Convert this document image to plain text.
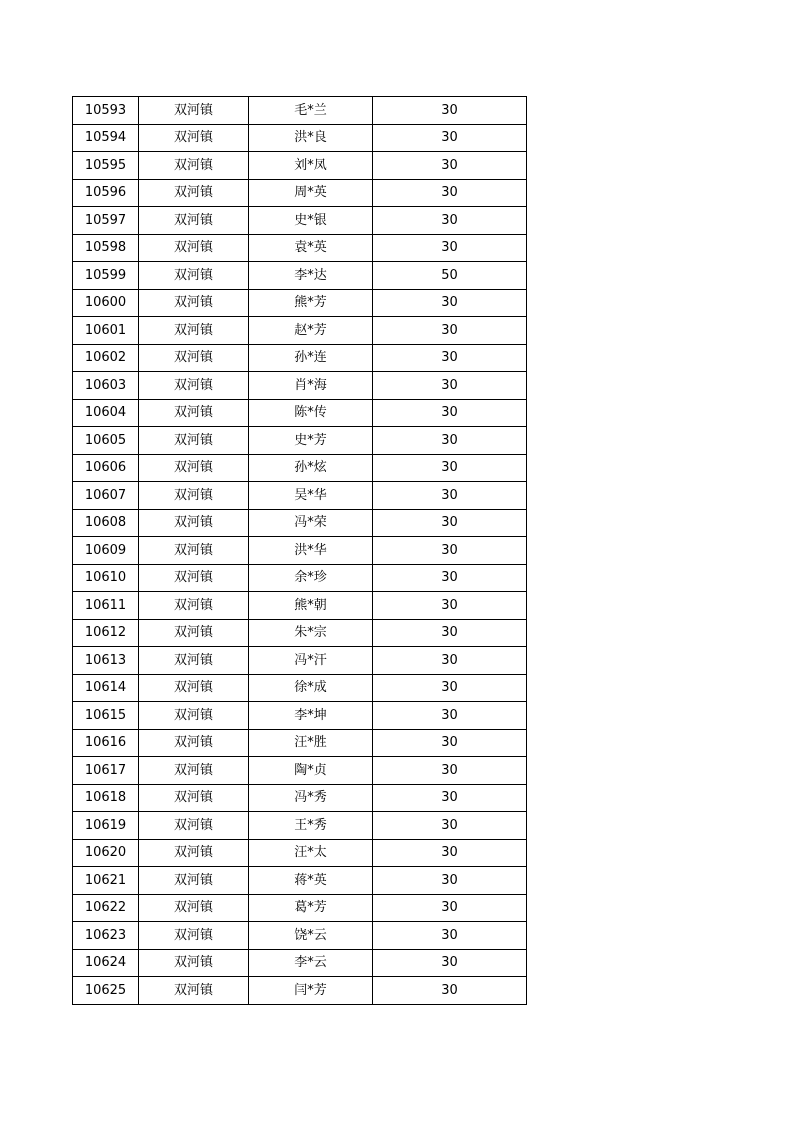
10593	双河镇	毛*兰	30
10594	双河镇	洪*良	30
10595	双河镇	刘*凤	30
10596	双河镇	周*英	30
10597	双河镇	史*银	30
10598	双河镇	袁*英	30
10599	双河镇	李*达	50
10600	双河镇	熊*芳	30
10601	双河镇	赵*芳	30
10602	双河镇	孙*连	30
10603	双河镇	肖*海	30
10604	双河镇	陈*传	30
10605	双河镇	史*芳	30
10606	双河镇	孙*炫	30
10607	双河镇	吴*华	30
10608	双河镇	冯*荣	30
10609	双河镇	洪*华	30
10610	双河镇	余*珍	30
10611	双河镇	熊*朝	30
10612	双河镇	朱*宗	30
10613	双河镇	冯*汗	30
10614	双河镇	徐*成	30
10615	双河镇	李*坤	30
10616	双河镇	汪*胜	30
10617	双河镇	陶*贞	30
10618	双河镇	冯*秀	30
10619	双河镇	王*秀	30
10620	双河镇	汪*太	30
10621	双河镇	蒋*英	30
10622	双河镇	葛*芳	30
10623	双河镇	饶*云	30
10624	双河镇	李*云	30
10625	双河镇	闫*芳	30
